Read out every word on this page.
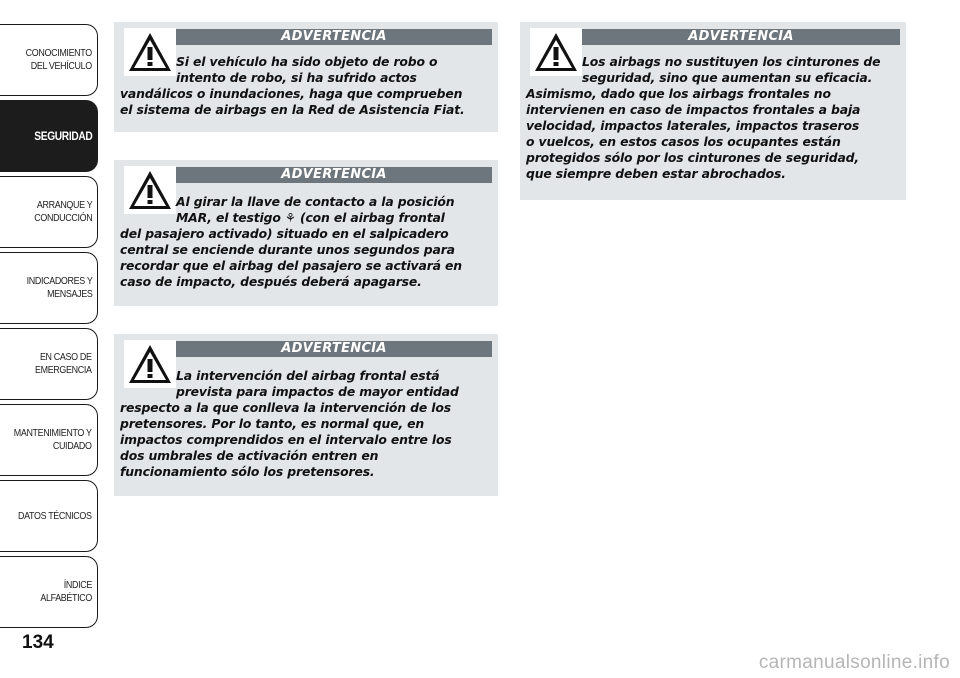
CONOCIMIENTO
DEL VEHÍCULO
SEGURIDAD
ARRANQUE Y
CONDUCCIÓN
INDICADORES Y
MENSAJES
EN CASO DE
EMERGENCIA
MANTENIMIENTO Y
CUIDADO
DATOS TÉCNICOS
ÍNDICE ALFABÉTICO
134
ADVERTENCIA
Si el vehículo ha sido objeto de robo o
intento de robo, si ha sufrido actos
vandálicos o inundaciones, haga que comprueben
el sistema de airbags en la Red de Asistencia Fiat.
ADVERTENCIA
Al girar la llave de contacto a la posición
MAR, el testigo ⚘ (con el airbag frontal
del pasajero activado) situado en el salpicadero
central se enciende durante unos segundos para
recordar que el airbag del pasajero se activará en
caso de impacto, después deberá apagarse.
ADVERTENCIA
La intervención del airbag frontal está
prevista para impactos de mayor entidad
respecto a la que conlleva la intervención de los
pretensores. Por lo tanto, es normal que, en
impactos comprendidos en el intervalo entre los
dos umbrales de activación entren en
funcionamiento sólo los pretensores.
ADVERTENCIA
Los airbags no sustituyen los cinturones de
seguridad, sino que aumentan su eficacia.
Asimismo, dado que los airbags frontales no
intervienen en caso de impactos frontales a baja
velocidad, impactos laterales, impactos traseros
o vuelcos, en estos casos los ocupantes están
protegidos sólo por los cinturones de seguridad,
que siempre deben estar abrochados.
carmanualsonline.info
